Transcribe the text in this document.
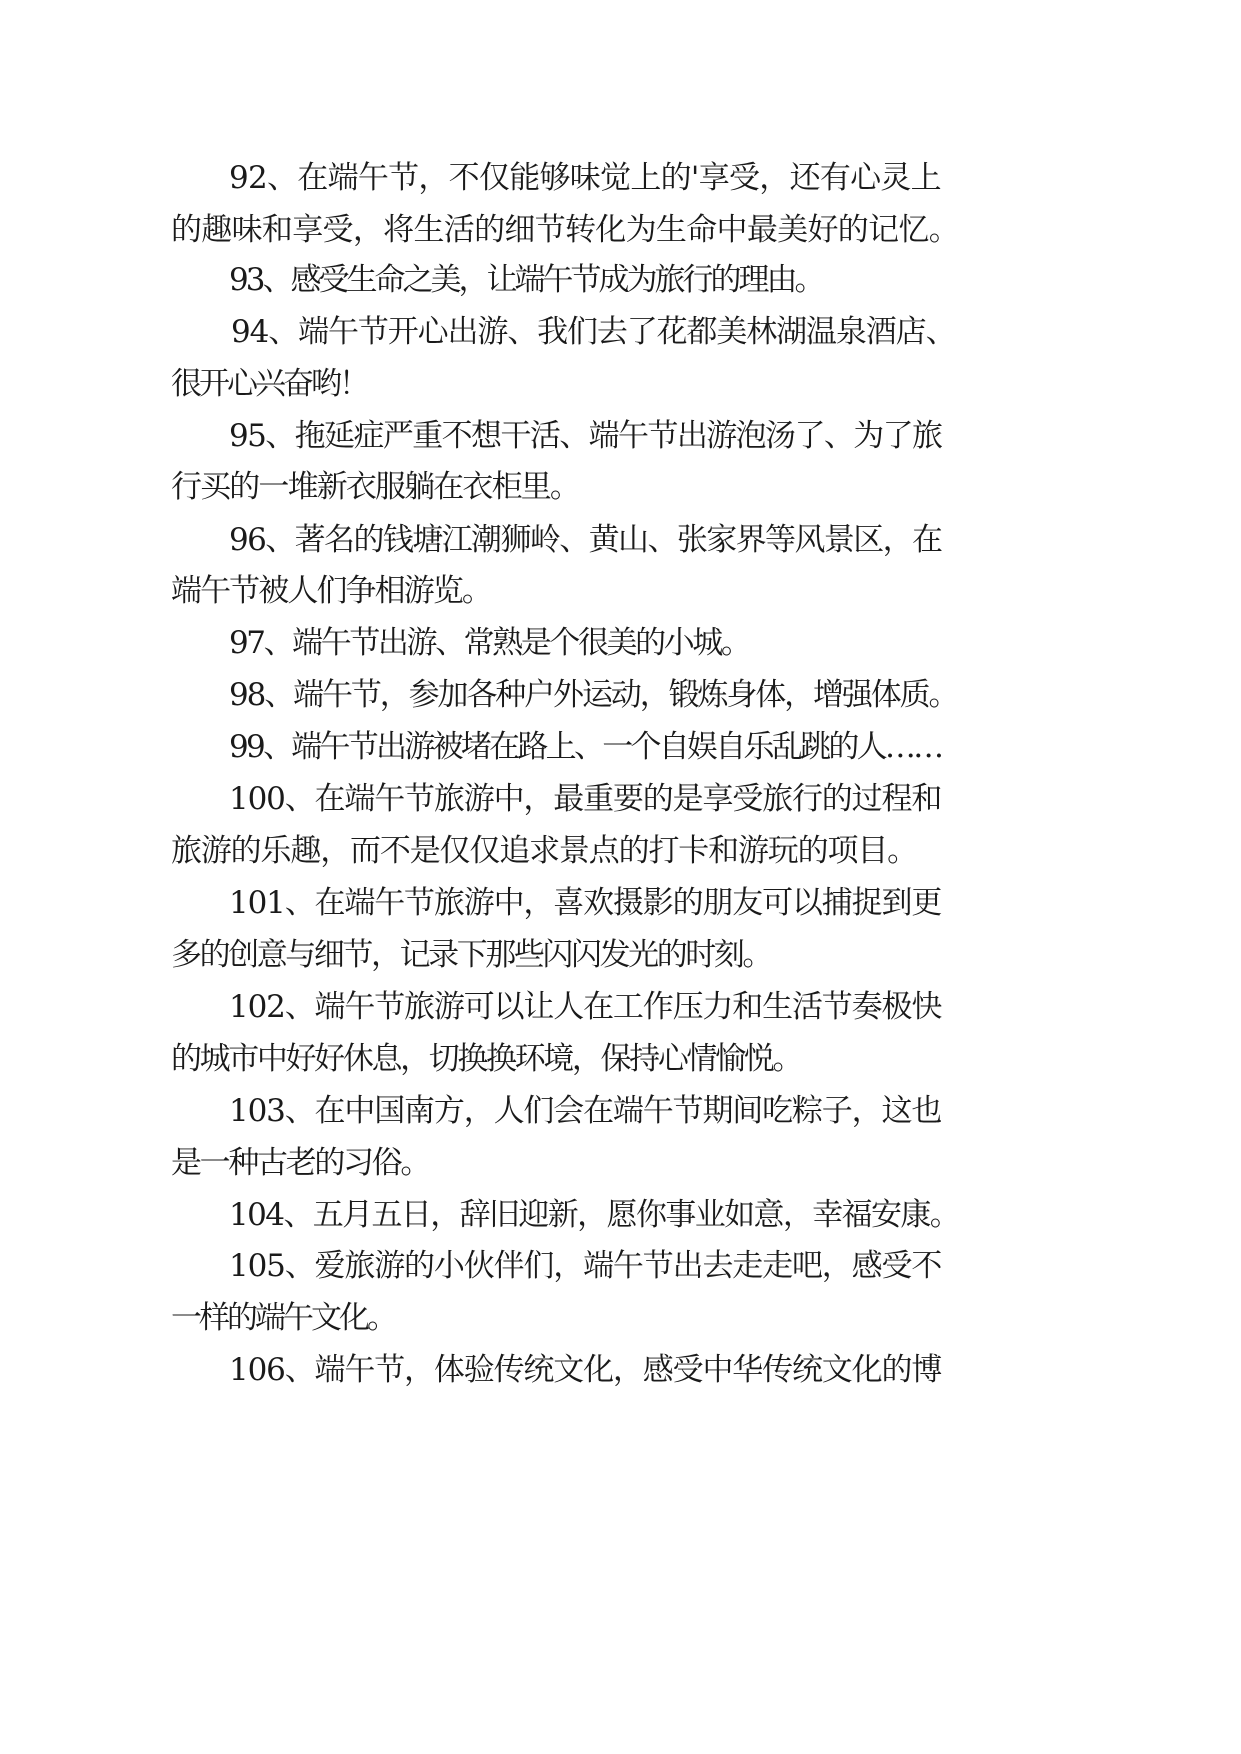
92、在端午节，不仅能够味觉上的'享受，还有心灵上
的趣味和享受，将生活的细节转化为生命中最美好的记忆。
93、感受生命之美，让端午节成为旅行的理由。
94、端午节开心出游、我们去了花都美林湖温泉酒店、
很开心兴奋哟！
95、拖延症严重不想干活、端午节出游泡汤了、为了旅
行买的一堆新衣服躺在衣柜里。
96、著名的钱塘江潮狮岭、黄山、张家界等风景区，在
端午节被人们争相游览。
97、端午节出游、常熟是个很美的小城。
98、端午节，参加各种户外运动，锻炼身体，增强体质。
99、端午节出游被堵在路上、一个自娱自乐乱跳的人……
100、在端午节旅游中，最重要的是享受旅行的过程和
旅游的乐趣，而不是仅仅追求景点的打卡和游玩的项目。
101、在端午节旅游中，喜欢摄影的朋友可以捕捉到更
多的创意与细节，记录下那些闪闪发光的时刻。
102、端午节旅游可以让人在工作压力和生活节奏极快
的城市中好好休息，切换换环境，保持心情愉悦。
103、在中国南方，人们会在端午节期间吃粽子，这也
是一种古老的习俗。
104、五月五日，辞旧迎新，愿你事业如意，幸福安康。
105、爱旅游的小伙伴们，端午节出去走走吧，感受不
一样的端午文化。
106、端午节，体验传统文化，感受中华传统文化的博
